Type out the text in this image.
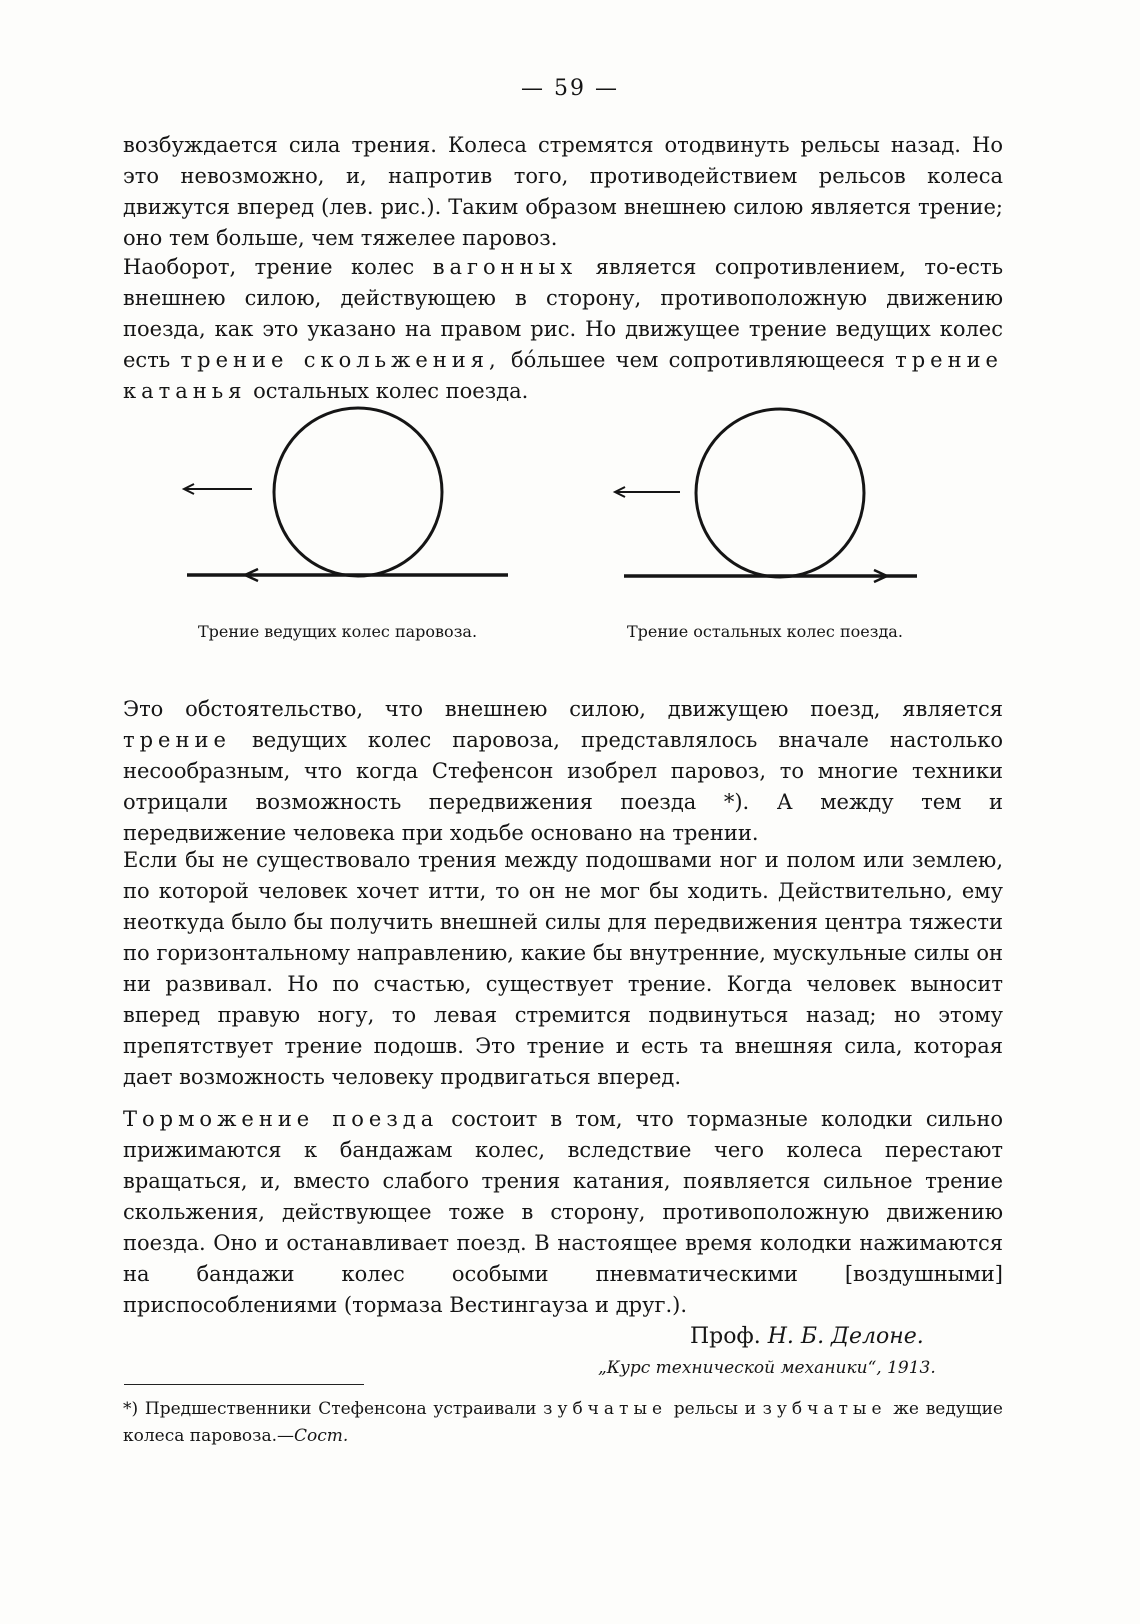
— 59 —
возбуждается сила трения. Колеса стремятся отодвинуть рельсы назад. Но это невозможно, и, напротив того, противодействием рельсов колеса движутся вперед (лев. рис.). Таким образом внешнею силою является трение; оно тем больше, чем тяжелее паровоз.
Наоборот, трение колес вагонных является сопротивлением, то-есть внешнею силою, действующею в сторону, противоположную движению поезда, как это указано на правом рис. Но движущее трение ведущих колес есть трение скольжения, бо́льшее чем сопротивляющееся трение катанья остальных колес поезда.
Трение ведущих колес паровоза.	Трение остальных колес поезда.
Это обстоятельство, что внешнею силою, движущею поезд, является трение ведущих колес паровоза, представлялось вначале настолько несообразным, что когда Стефенсон изобрел паровоз, то многие техники отрицали возможность передвижения поезда *). А между тем и передвижение человека при ходьбе основано на трении.
Если бы не существовало трения между подошвами ног и полом или землею, по которой человек хочет итти, то он не мог бы ходить. Действительно, ему неоткуда было бы получить внешней силы для передвижения центра тяжести по горизонтальному направлению, какие бы внутренние, мускульные силы он ни развивал. Но по счастью, существует трение. Когда человек выносит вперед правую ногу, то левая стремится подвинуться назад; но этому препятствует трение подошв. Это трение и есть та внешняя сила, которая дает возможность человеку продвигаться вперед.
Торможение поезда состоит в том, что тормазные колодки сильно прижимаются к бандажам колес, вследствие чего колеса перестают вращаться, и, вместо слабого трения катания, появляется сильное трение скольжения, действующее тоже в сторону, противоположную движению поезда. Оно и останавливает поезд. В настоящее время колодки нажимаются на бандажи колес особыми пневматическими [воздушными] приспособлениями (тормаза Вестингауза и друг.).
Проф. Н. Б. Делоне.
„Курс технической механики“, 1913.
*) Предшественники Стефенсона устраивали зубчатые рельсы и зубчатые же ведущие колеса паровоза.—Сост.
